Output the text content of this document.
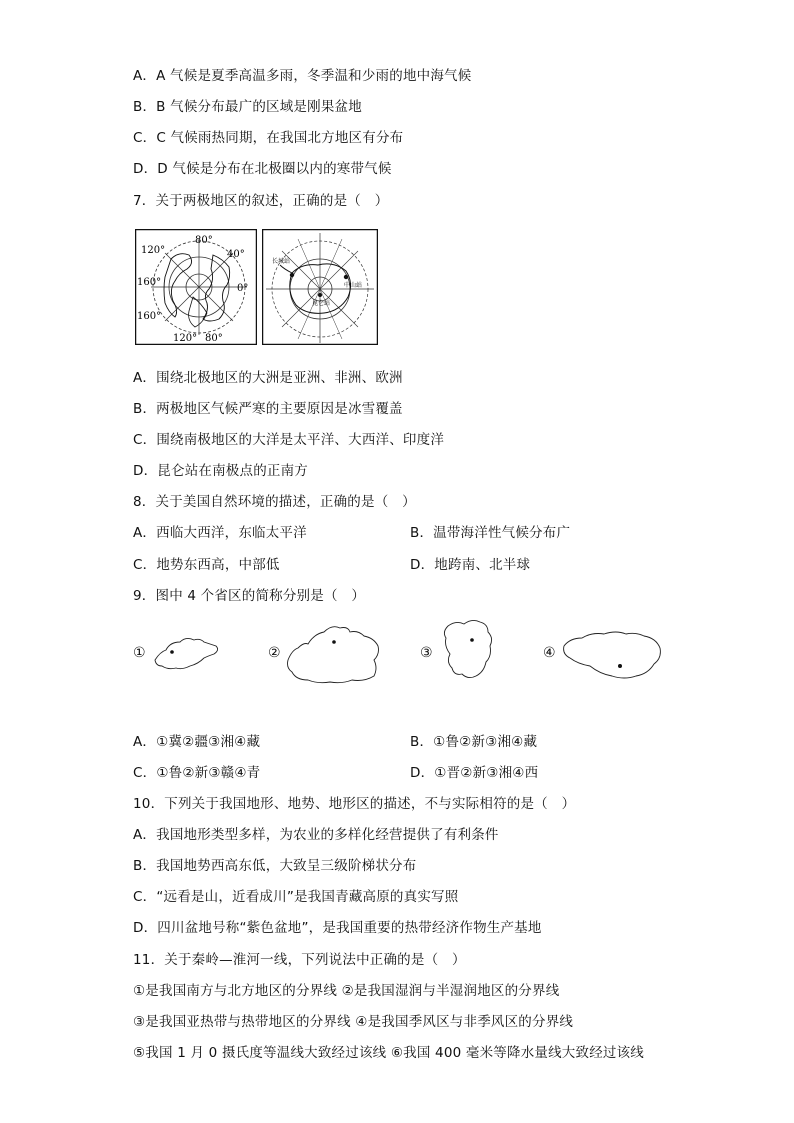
A．A 气候是夏季高温多雨，冬季温和少雨的地中海气候
B．B 气候分布最广的区域是刚果盆地
C．C 气候雨热同期，在我国北方地区有分布
D．D 气候是分布在北极圈以内的寒带气候
7．关于两极地区的叙述，正确的是（　）
120°
80°
40°
160°
0°
160°
120° 80°
长城站
昆仑站
中山站
A．围绕北极地区的大洲是亚洲、非洲、欧洲
B．两极地区气候严寒的主要原因是冰雪覆盖
C．围绕南极地区的大洋是太平洋、大西洋、印度洋
D．昆仑站在南极点的正南方
8．关于美国自然环境的描述，正确的是（　）
A．西临大西洋，东临太平洋	B．温带海洋性气候分布广
C．地势东西高，中部低	D．地跨南、北半球
9．图中 4 个省区的简称分别是（　）
①	②	③	④
A．①冀②疆③湘④藏	B．①鲁②新③湘④藏
C．①鲁②新③赣④青	D．①晋②新③湘④西
10．下列关于我国地形、地势、地形区的描述，不与实际相符的是（　）
A．我国地形类型多样，为农业的多样化经营提供了有利条件
B．我国地势西高东低，大致呈三级阶梯状分布
C．“远看是山，近看成川”是我国青藏高原的真实写照
D．四川盆地号称“紫色盆地”，是我国重要的热带经济作物生产基地
11．关于秦岭—淮河一线，下列说法中正确的是（　）
①是我国南方与北方地区的分界线 ②是我国湿润与半湿润地区的分界线
③是我国亚热带与热带地区的分界线 ④是我国季风区与非季风区的分界线
⑤我国 1 月 0 摄氏度等温线大致经过该线 ⑥我国 400 毫米等降水量线大致经过该线
